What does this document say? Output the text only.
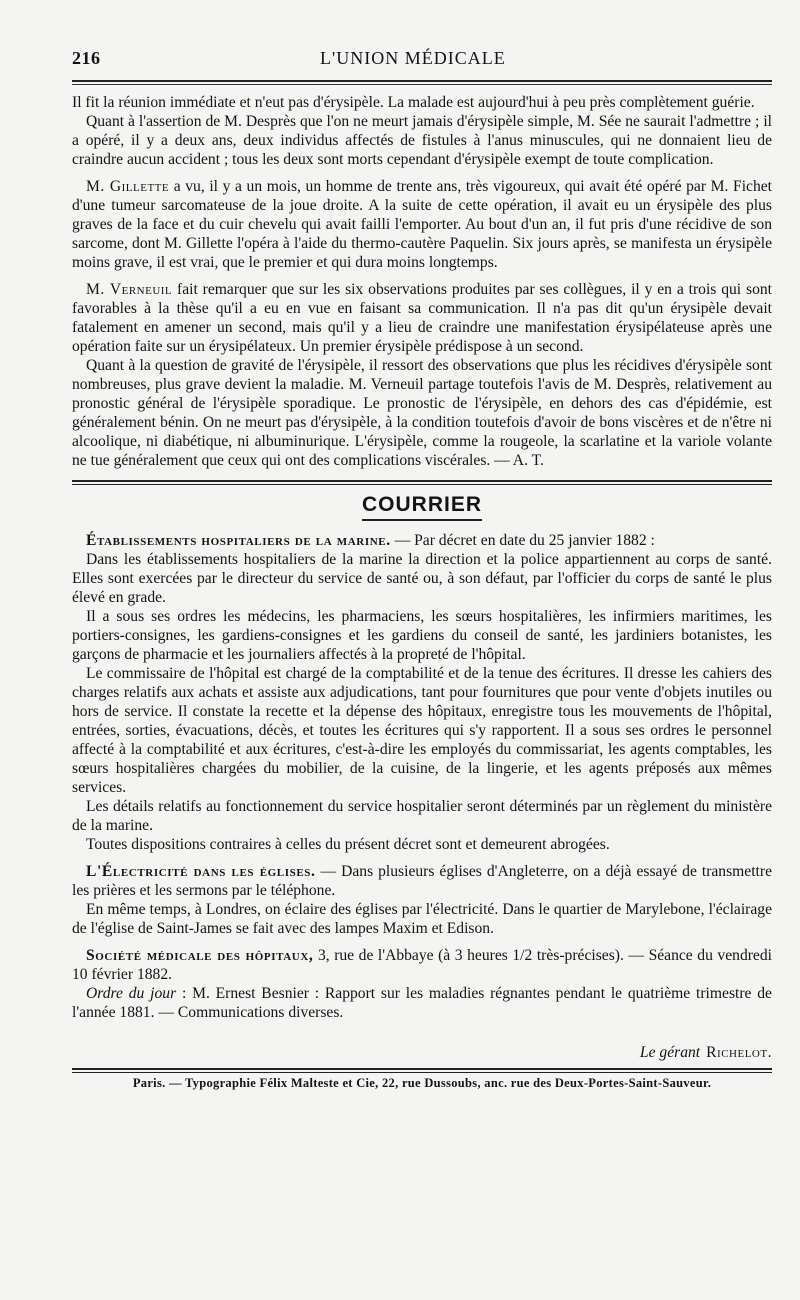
216	L'UNION MÉDICALE

Il fit la réunion immédiate et n'eut pas d'érysipèle. La malade est aujourd'hui à peu près complètement guérie.

Quant à l'assertion de M. Desprès que l'on ne meurt jamais d'érysipèle simple, M. Sée ne saurait l'admettre ; il a opéré, il y a deux ans, deux individus affectés de fistules à l'anus minuscules, qui ne donnaient lieu de craindre aucun accident ; tous les deux sont morts cependant d'érysipèle exempt de toute complication.

M. Gillette a vu, il y a un mois, un homme de trente ans, très vigoureux, qui avait été opéré par M. Fichet d'une tumeur sarcomateuse de la joue droite. A la suite de cette opération, il avait eu un érysipèle des plus graves de la face et du cuir chevelu qui avait failli l'emporter. Au bout d'un an, il fut pris d'une récidive de son sarcome, dont M. Gillette l'opéra à l'aide du thermo-cautère Paquelin. Six jours après, se manifesta un érysipèle moins grave, il est vrai, que le premier et qui dura moins longtemps.

M. Verneuil fait remarquer que sur les six observations produites par ses collègues, il y en a trois qui sont favorables à la thèse qu'il a eu en vue en faisant sa communication. Il n'a pas dit qu'un érysipèle devait fatalement en amener un second, mais qu'il y a lieu de craindre une manifestation érysipélateuse après une opération faite sur un érysipélateux. Un premier érysipèle prédispose à un second.

Quant à la question de gravité de l'érysipèle, il ressort des observations que plus les récidives d'érysipèle sont nombreuses, plus grave devient la maladie. M. Verneuil partage toutefois l'avis de M. Desprès, relativement au pronostic général de l'érysipèle sporadique. Le pronostic de l'érysipèle, en dehors des cas d'épidémie, est généralement bénin. On ne meurt pas d'érysipèle, à la condition toutefois d'avoir de bons viscères et de n'être ni alcoolique, ni diabétique, ni albuminurique. L'érysipèle, comme la rougeole, la scarlatine et la variole volante ne tue généralement que ceux qui ont des complications viscérales. — A. T.

COURRIER

Établissements hospitaliers de la marine. — Par décret en date du 25 janvier 1882 :

Dans les établissements hospitaliers de la marine la direction et la police appartiennent au corps de santé. Elles sont exercées par le directeur du service de santé ou, à son défaut, par l'officier du corps de santé le plus élevé en grade.

Il a sous ses ordres les médecins, les pharmaciens, les sœurs hospitalières, les infirmiers maritimes, les portiers-consignes, les gardiens-consignes et les gardiens du conseil de santé, les jardiniers botanistes, les garçons de pharmacie et les journaliers affectés à la propreté de l'hôpital.

Le commissaire de l'hôpital est chargé de la comptabilité et de la tenue des écritures. Il dresse les cahiers des charges relatifs aux achats et assiste aux adjudications, tant pour fournitures que pour vente d'objets inutiles ou hors de service. Il constate la recette et la dépense des hôpitaux, enregistre tous les mouvements de l'hôpital, entrées, sorties, évacuations, décès, et toutes les écritures qui s'y rapportent. Il a sous ses ordres le personnel affecté à la comptabilité et aux écritures, c'est-à-dire les employés du commissariat, les agents comptables, les sœurs hospitalières chargées du mobilier, de la cuisine, de la lingerie, et les agents préposés aux mêmes services.

Les détails relatifs au fonctionnement du service hospitalier seront déterminés par un règlement du ministère de la marine.

Toutes dispositions contraires à celles du présent décret sont et demeurent abrogées.

L'Électricité dans les églises. — Dans plusieurs églises d'Angleterre, on a déjà essayé de transmettre les prières et les sermons par le téléphone.

En même temps, à Londres, on éclaire des églises par l'électricité. Dans le quartier de Marylebone, l'éclairage de l'église de Saint-James se fait avec des lampes Maxim et Edison.

Société médicale des hôpitaux, 3, rue de l'Abbaye (à 3 heures 1/2 très-précises). — Séance du vendredi 10 février 1882.

Ordre du jour : M. Ernest Besnier : Rapport sur les maladies régnantes pendant le quatrième trimestre de l'année 1881. — Communications diverses.

Le gérant Richelot.
Paris. — Typographie Félix Malteste et Cie, 22, rue Dussoubs, anc. rue des Deux-Portes-Saint-Sauveur.
